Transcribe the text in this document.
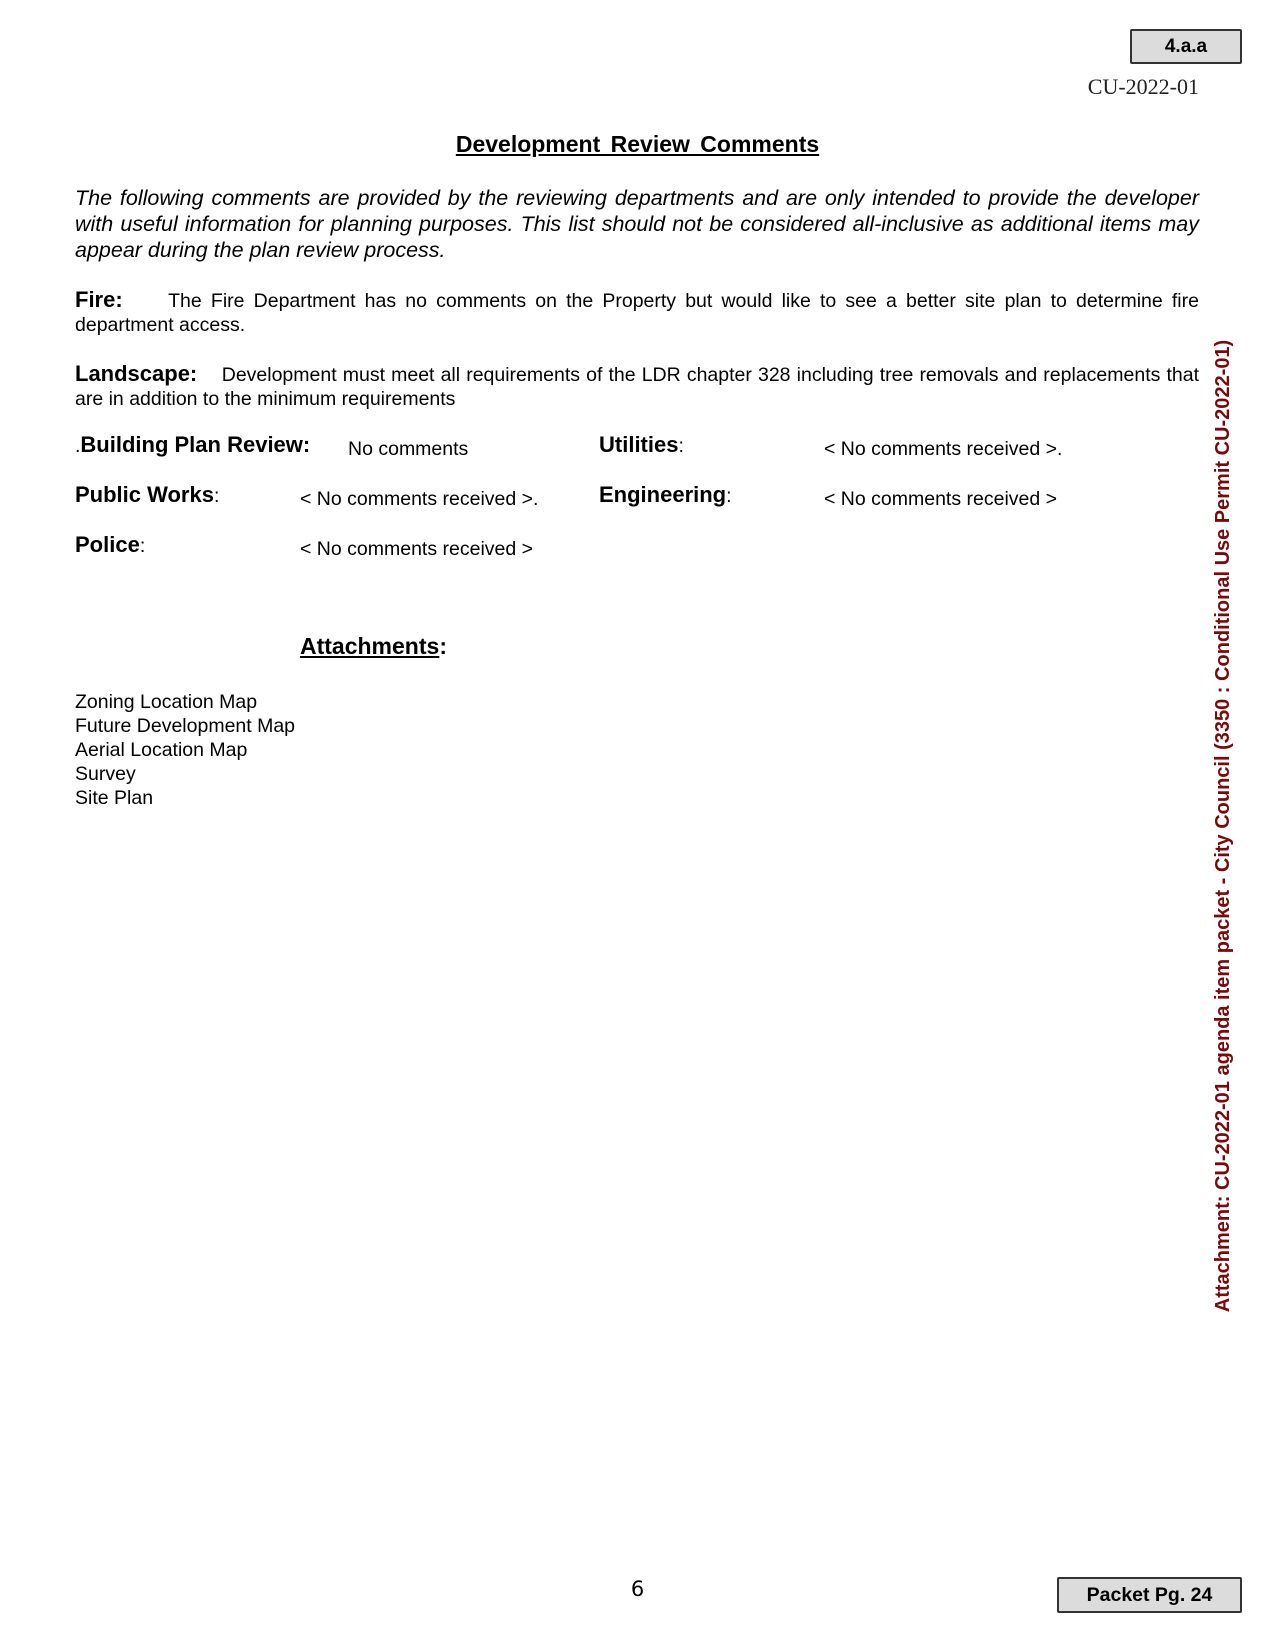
4.a.a
CU-2022-01
Development Review Comments
The following comments are provided by the reviewing departments and are only intended to provide the developer with useful information for planning purposes. This list should not be considered all-inclusive as additional items may appear during the plan review process.
Fire: The Fire Department has no comments on the Property but would like to see a better site plan to determine fire department access.
Landscape: Development must meet all requirements of the LDR chapter 328 including tree removals and replacements that are in addition to the minimum requirements
.Building Plan Review: No comments	Utilities:	< No comments received >.
Public Works:	< No comments received >.	Engineering:	< No comments received >
Police:	< No comments received >
Attachments:
Zoning Location Map
Future Development Map
Aerial Location Map
Survey
Site Plan	Attachment: CU-2022-01 agenda item packet - City Council (3350 : Conditional Use Permit CU-2022-01)
6	Packet Pg. 24
